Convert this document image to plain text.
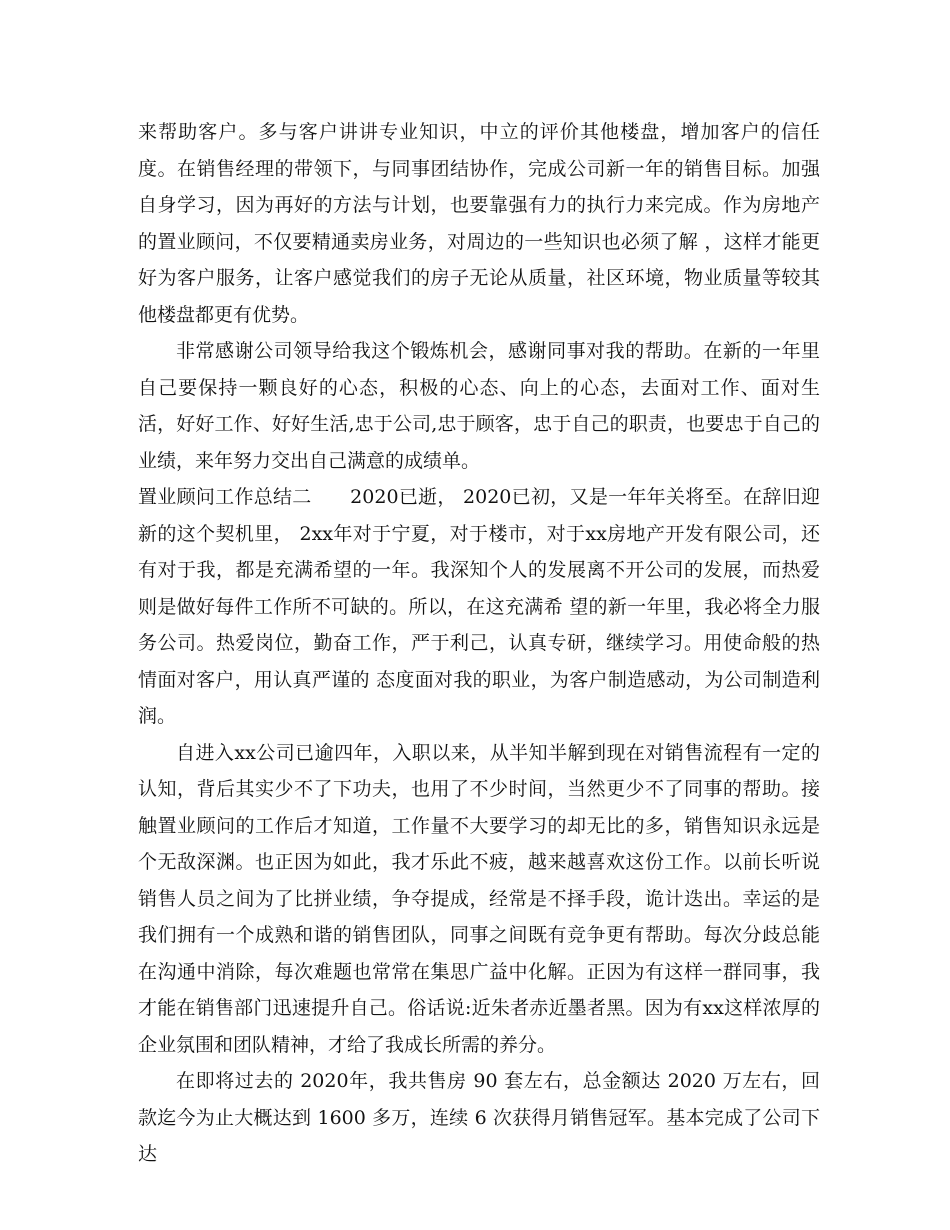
来帮助客户。多与客户讲讲专业知识，中立的评价其他楼盘，增加客户的信任度。在销售经理的带领下，与同事团结协作，完成公司新一年的销售目标。加强自身学习，因为再好的方法与计划，也要靠强有力的执行力来完成。作为房地产的置业顾问，不仅要精通卖房业务，对周边的一些知识也必须了解 ，这样才能更好为客户服务，让客户感觉我们的房子无论从质量，社区环境，物业质量等较其他楼盘都更有优势。

非常感谢公司领导给我这个锻炼机会，感谢同事对我的帮助。在新的一年里自己要保持一颗良好的心态，积极的心态、向上的心态，去面对工作、面对生活，好好工作、好好生活,忠于公司,忠于顾客，忠于自己的职责，也要忠于自己的业绩，来年努力交出自己满意的成绩单。

置业顾问工作总结二　　2020已逝， 2020已初，又是一年年关将至。在辞旧迎新的这个契机里， 2xx年对于宁夏，对于楼市，对于xx房地产开发有限公司，还有对于我，都是充满希望的一年。我深知个人的发展离不开公司的发展，而热爱则是做好每件工作所不可缺的。所以，在这充满希 望的新一年里，我必将全力服务公司。热爱岗位，勤奋工作，严于利己，认真专研，继续学习。用使命般的热情面对客户，用认真严谨的 态度面对我的职业，为客户制造感动，为公司制造利润。

自进入xx公司已逾四年，入职以来，从半知半解到现在对销售流程有一定的认知，背后其实少不了下功夫，也用了不少时间，当然更少不了同事的帮助。接触置业顾问的工作后才知道，工作量不大要学习的却无比的多，销售知识永远是个无敌深渊。也正因为如此，我才乐此不疲，越来越喜欢这份工作。以前长听说销售人员之间为了比拼业绩，争夺提成，经常是不择手段，诡计迭出。幸运的是我们拥有一个成熟和谐的销售团队，同事之间既有竞争更有帮助。每次分歧总能在沟通中消除，每次难题也常常在集思广益中化解。正因为有这样一群同事，我才能在销售部门迅速提升自己。俗话说:近朱者赤近墨者黑。因为有xx这样浓厚的企业氛围和团队精神，才给了我成长所需的养分。

在即将过去的 2020年，我共售房 90 套左右，总金额达 2020 万左右，回款迄今为止大概达到 1600 多万，连续 6 次获得月销售冠军。基本完成了公司下达
